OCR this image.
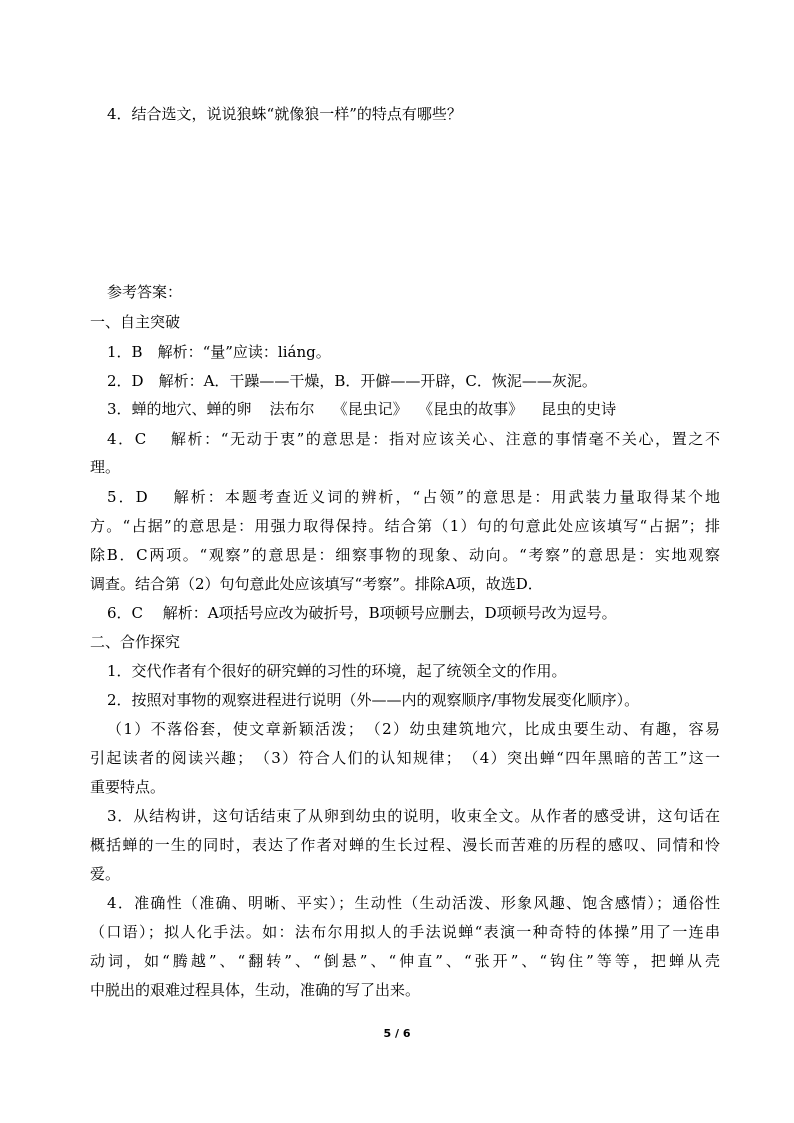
4．结合选文，说说狼蛛“就像狼一样”的特点有哪些？
参考答案：
一、自主突破
1．B　解析：“量”应读：liáng。
2．D　解析：A．干躁——干燥，B．开僻——开辟，C．恢泥——灰泥。
3．蝉的地穴、蝉的卵 法布尔 《昆虫记》 《昆虫的故事》 昆虫的史诗
4．C　 解析：“无动于衷”的意思是：指对应该关心、注意的事情毫不关心，置之不
理。
5．D　 解析：本题考查近义词的辨析，“占领”的意思是：用武装力量取得某个地
方。“占据”的意思是：用强力取得保持。结合第（1）句的句意此处应该填写“占据”；排
除B．C两项。“观察”的意思是：细察事物的现象、动向。“考察”的意思是：实地观察
调查。结合第（2）句句意此处应该填写“考察”。排除A项，故选D．
6．C　 解析：A项括号应改为破折号，B项顿号应删去，D项顿号改为逗号。
二、合作探究
1．交代作者有个很好的研究蝉的习性的环境，起了统领全文的作用。
2．按照对事物的观察进程进行说明（外——内的观察顺序/事物发展变化顺序）。
（1）不落俗套，使文章新颖活泼；　（2）幼虫建筑地穴，比成虫要生动、有趣，容易
引起读者的阅读兴趣；　（3）符合人们的认知规律；　（4）突出蝉“四年黑暗的苦工”这一
重要特点。
3．从结构讲，这句话结束了从卵到幼虫的说明，收束全文。从作者的感受讲，这句话在
概括蝉的一生的同时，表达了作者对蝉的生长过程、漫长而苦难的历程的感叹、同情和怜
爱。
4．准确性（准确、明晰、平实）；生动性（生动活泼、形象风趣、饱含感情）；通俗性
（口语）；拟人化手法。如：法布尔用拟人的手法说蝉“表演一种奇特的体操”用了一连串
动词，如“腾越”、“翻转”、“倒悬”、“伸直”、“张开”、“钩住”等等，把蝉从壳
中脱出的艰难过程具体，生动，准确的写了出来。
5 / 6
